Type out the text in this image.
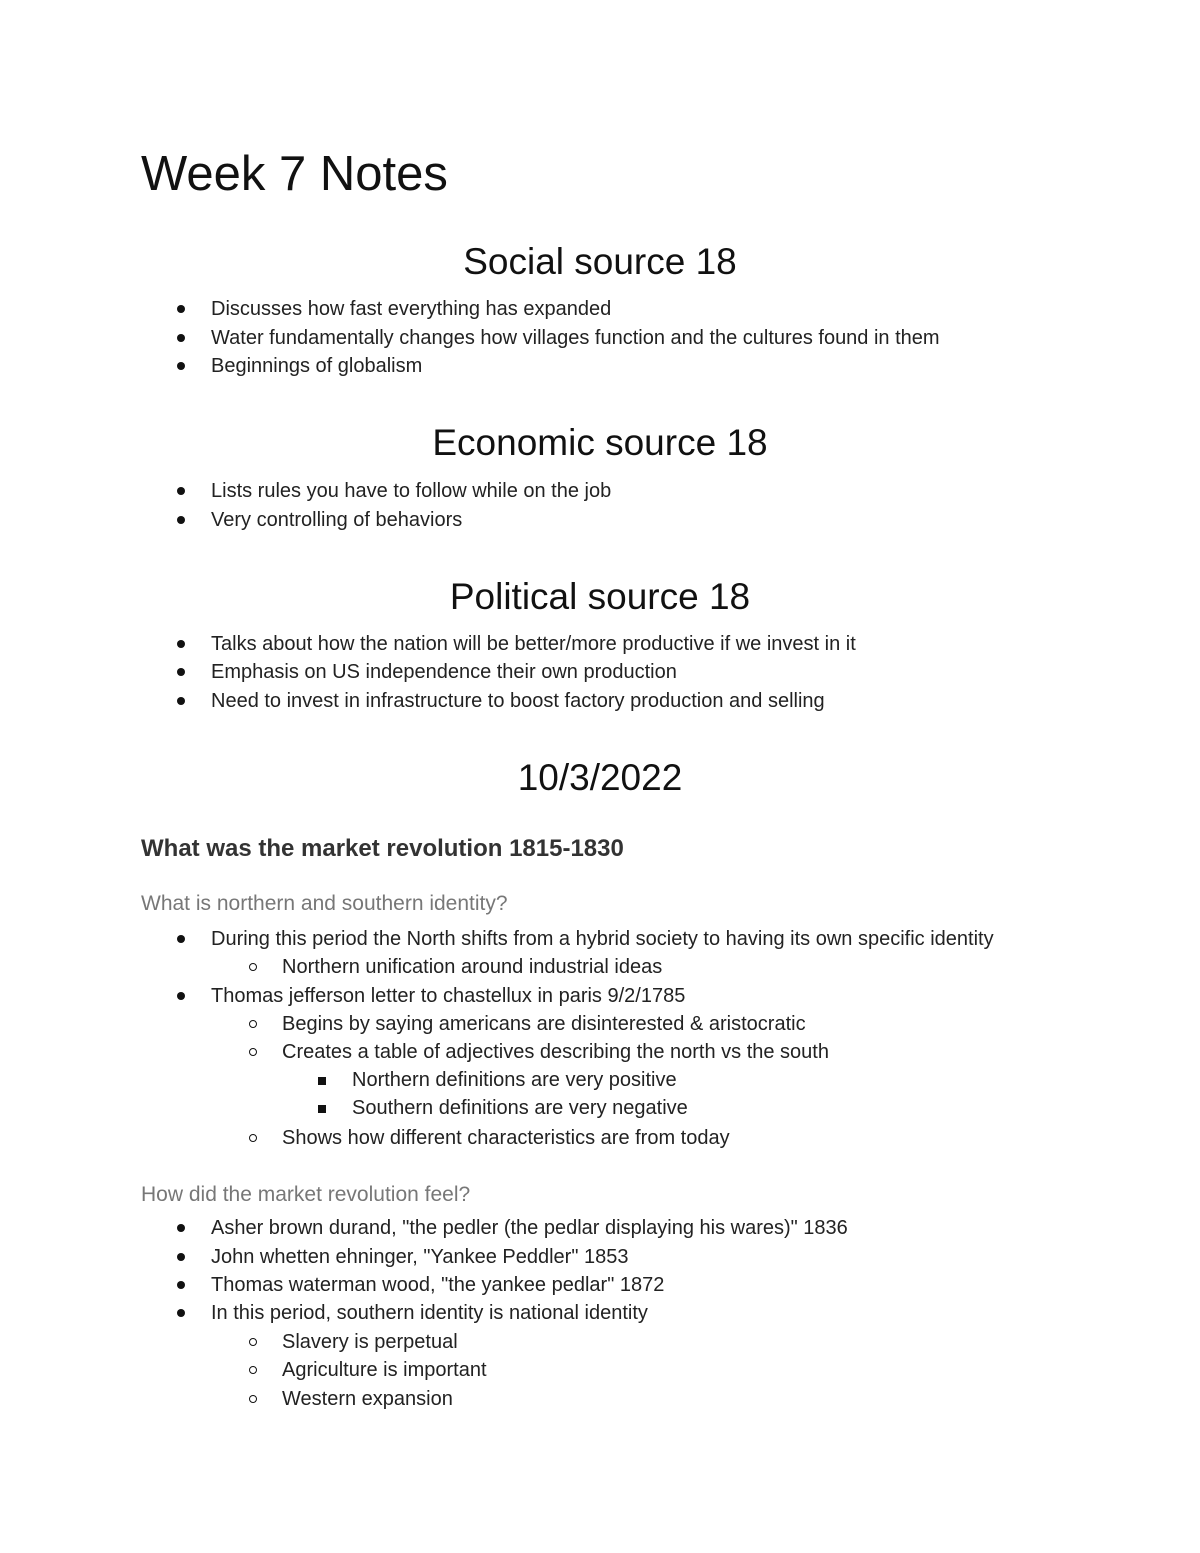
Week 7 Notes
Social source 18
Discusses how fast everything has expanded
Water fundamentally changes how villages function and the cultures found in them
Beginnings of globalism
Economic source 18
Lists rules you have to follow while on the job
Very controlling of behaviors
Political source 18
Talks about how the nation will be better/more productive if we invest in it
Emphasis on US independence their own production
Need to invest in infrastructure to boost factory production and selling
10/3/2022
What was the market revolution 1815-1830
What is northern and southern identity?
During this period the North shifts from a hybrid society to having its own specific identity
Northern unification around industrial ideas
Thomas jefferson letter to chastellux in paris 9/2/1785
Begins by saying americans are disinterested & aristocratic
Creates a table of adjectives describing the north vs the south
Northern definitions are very positive
Southern definitions are very negative
Shows how different characteristics are from today
How did the market revolution feel?
Asher brown durand, "the pedler (the pedlar displaying his wares)" 1836
John whetten ehninger, "Yankee Peddler" 1853
Thomas waterman wood, "the yankee pedlar" 1872
In this period, southern identity is national identity
Slavery is perpetual
Agriculture is important
Western expansion
